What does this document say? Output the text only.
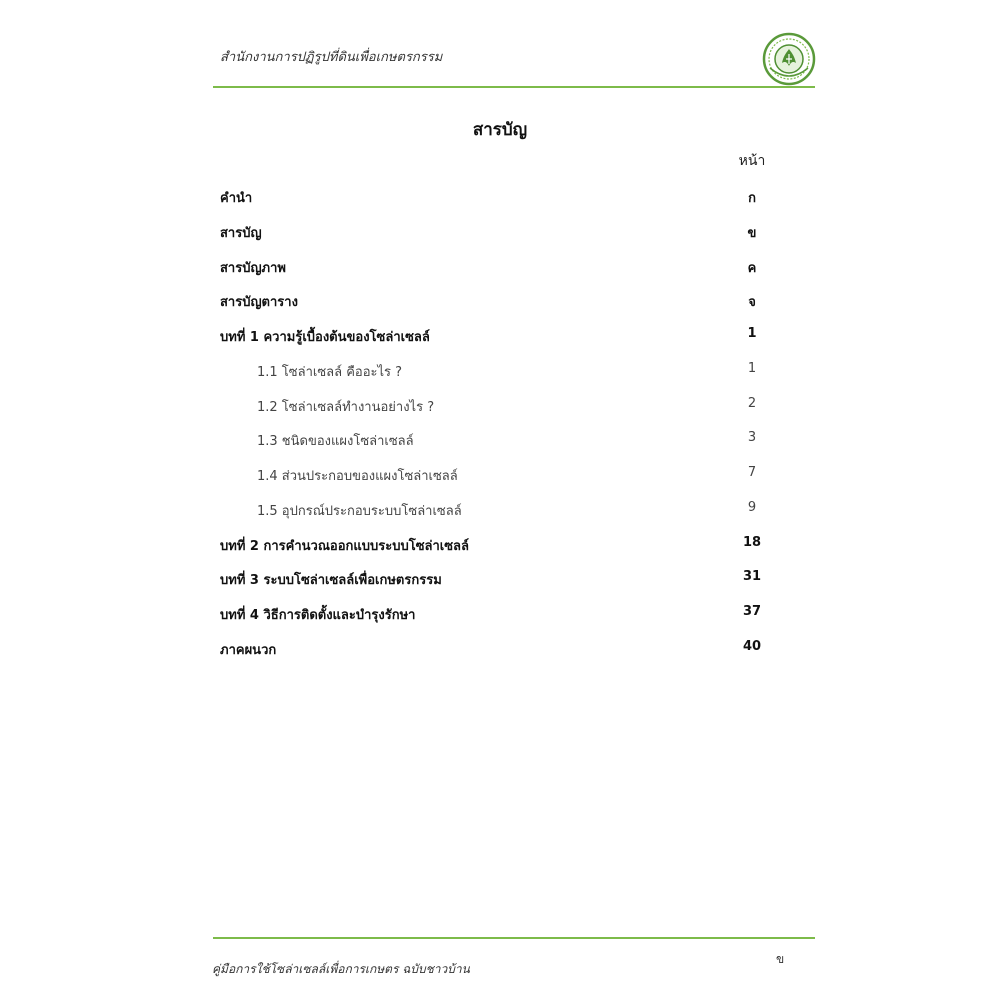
สำนักงานการปฏิรูปที่ดินเพื่อเกษตรกรรม
สารบัญ
หน้า
คำนำ	ก
สารบัญ	ข
สารบัญภาพ	ค
สารบัญตาราง	จ
บทที่ 1 ความรู้เบื้องต้นของโซล่าเซลล์	1
1.1 โซล่าเซลล์ คืออะไร ?	1
1.2 โซล่าเซลล์ทำงานอย่างไร ?	2
1.3 ชนิดของแผงโซล่าเซลล์	3
1.4 ส่วนประกอบของแผงโซล่าเซลล์	7
1.5 อุปกรณ์ประกอบระบบโซล่าเซลล์	9
บทที่ 2 การคำนวณออกแบบระบบโซล่าเซลล์	18
บทที่ 3 ระบบโซล่าเซลล์เพื่อเกษตรกรรม	31
บทที่ 4 วิธีการติดตั้งและบำรุงรักษา	37
ภาคผนวก	40
ข
คู่มือการใช้โซล่าเซลล์เพื่อการเกษตร ฉบับชาวบ้าน
